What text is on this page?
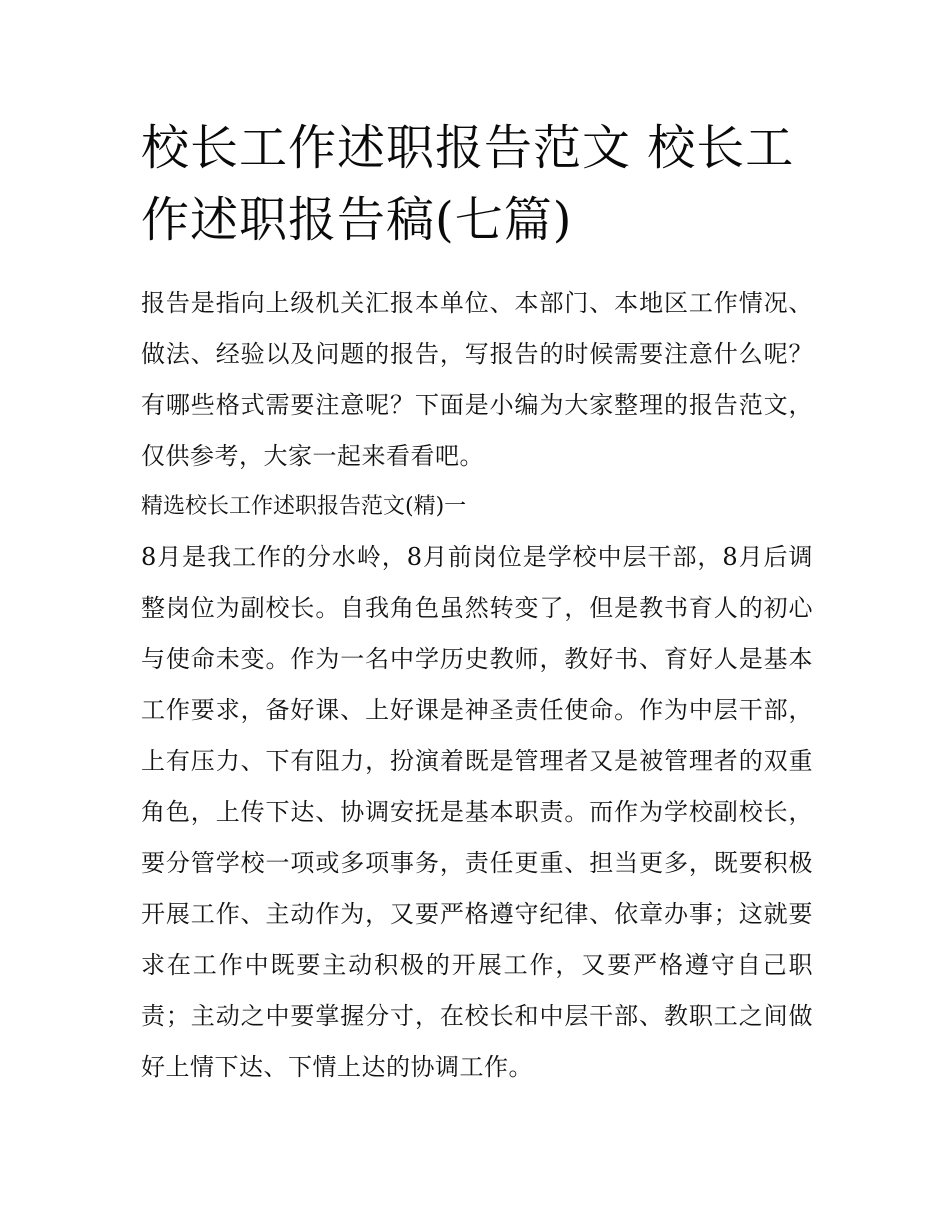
校长工作述职报告范文 校长工作述职报告稿(七篇)

报告是指向上级机关汇报本单位、本部门、本地区工作情况、做法、经验以及问题的报告，写报告的时候需要注意什么呢？有哪些格式需要注意呢？下面是小编为大家整理的报告范文，仅供参考，大家一起来看看吧。

精选校长工作述职报告范文(精)一

8月是我工作的分水岭，8月前岗位是学校中层干部，8月后调整岗位为副校长。自我角色虽然转变了，但是教书育人的初心与使命未变。作为一名中学历史教师，教好书、育好人是基本工作要求，备好课、上好课是神圣责任使命。作为中层干部，上有压力、下有阻力，扮演着既是管理者又是被管理者的双重角色，上传下达、协调安抚是基本职责。而作为学校副校长，要分管学校一项或多项事务，责任更重、担当更多，既要积极开展工作、主动作为，又要严格遵守纪律、依章办事；这就要求在工作中既要主动积极的开展工作，又要严格遵守自己职责；主动之中要掌握分寸，在校长和中层干部、教职工之间做好上情下达、下情上达的协调工作。
